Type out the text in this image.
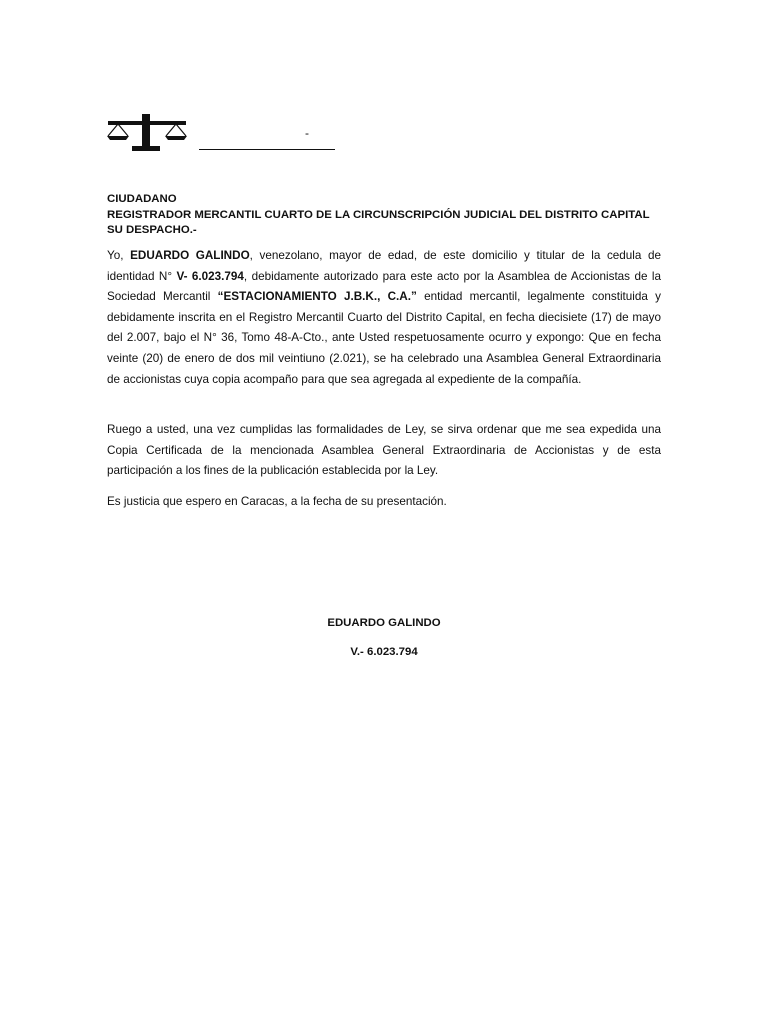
-
CIUDADANO
REGISTRADOR MERCANTIL CUARTO DE LA CIRCUNSCRIPCIÓN JUDICIAL DEL DISTRITO CAPITAL
SU DESPACHO.-

Yo, EDUARDO GALINDO, venezolano, mayor de edad, de este domicilio y titular de la cedula de identidad N° V- 6.023.794, debidamente autorizado para este acto por la Asamblea de Accionistas de la Sociedad Mercantil “ESTACIONAMIENTO J.B.K., C.A.” entidad mercantil, legalmente constituida y debidamente inscrita en el Registro Mercantil Cuarto del Distrito Capital, en fecha diecisiete (17) de mayo del 2.007, bajo el N° 36, Tomo 48-A-Cto., ante Usted respetuosamente ocurro y expongo: Que en fecha veinte (20) de enero de dos mil veintiuno (2.021), se ha celebrado una Asamblea General Extraordinaria de accionistas cuya copia acompaño para que sea agregada al expediente de la compañía.

Ruego a usted, una vez cumplidas las formalidades de Ley, se sirva ordenar que me sea expedida una Copia Certificada de la mencionada Asamblea General Extraordinaria de Accionistas y de esta participación a los fines de la publicación establecida por la Ley.

Es justicia que espero en Caracas, a la fecha de su presentación.

EDUARDO GALINDO
V.- 6.023.794
